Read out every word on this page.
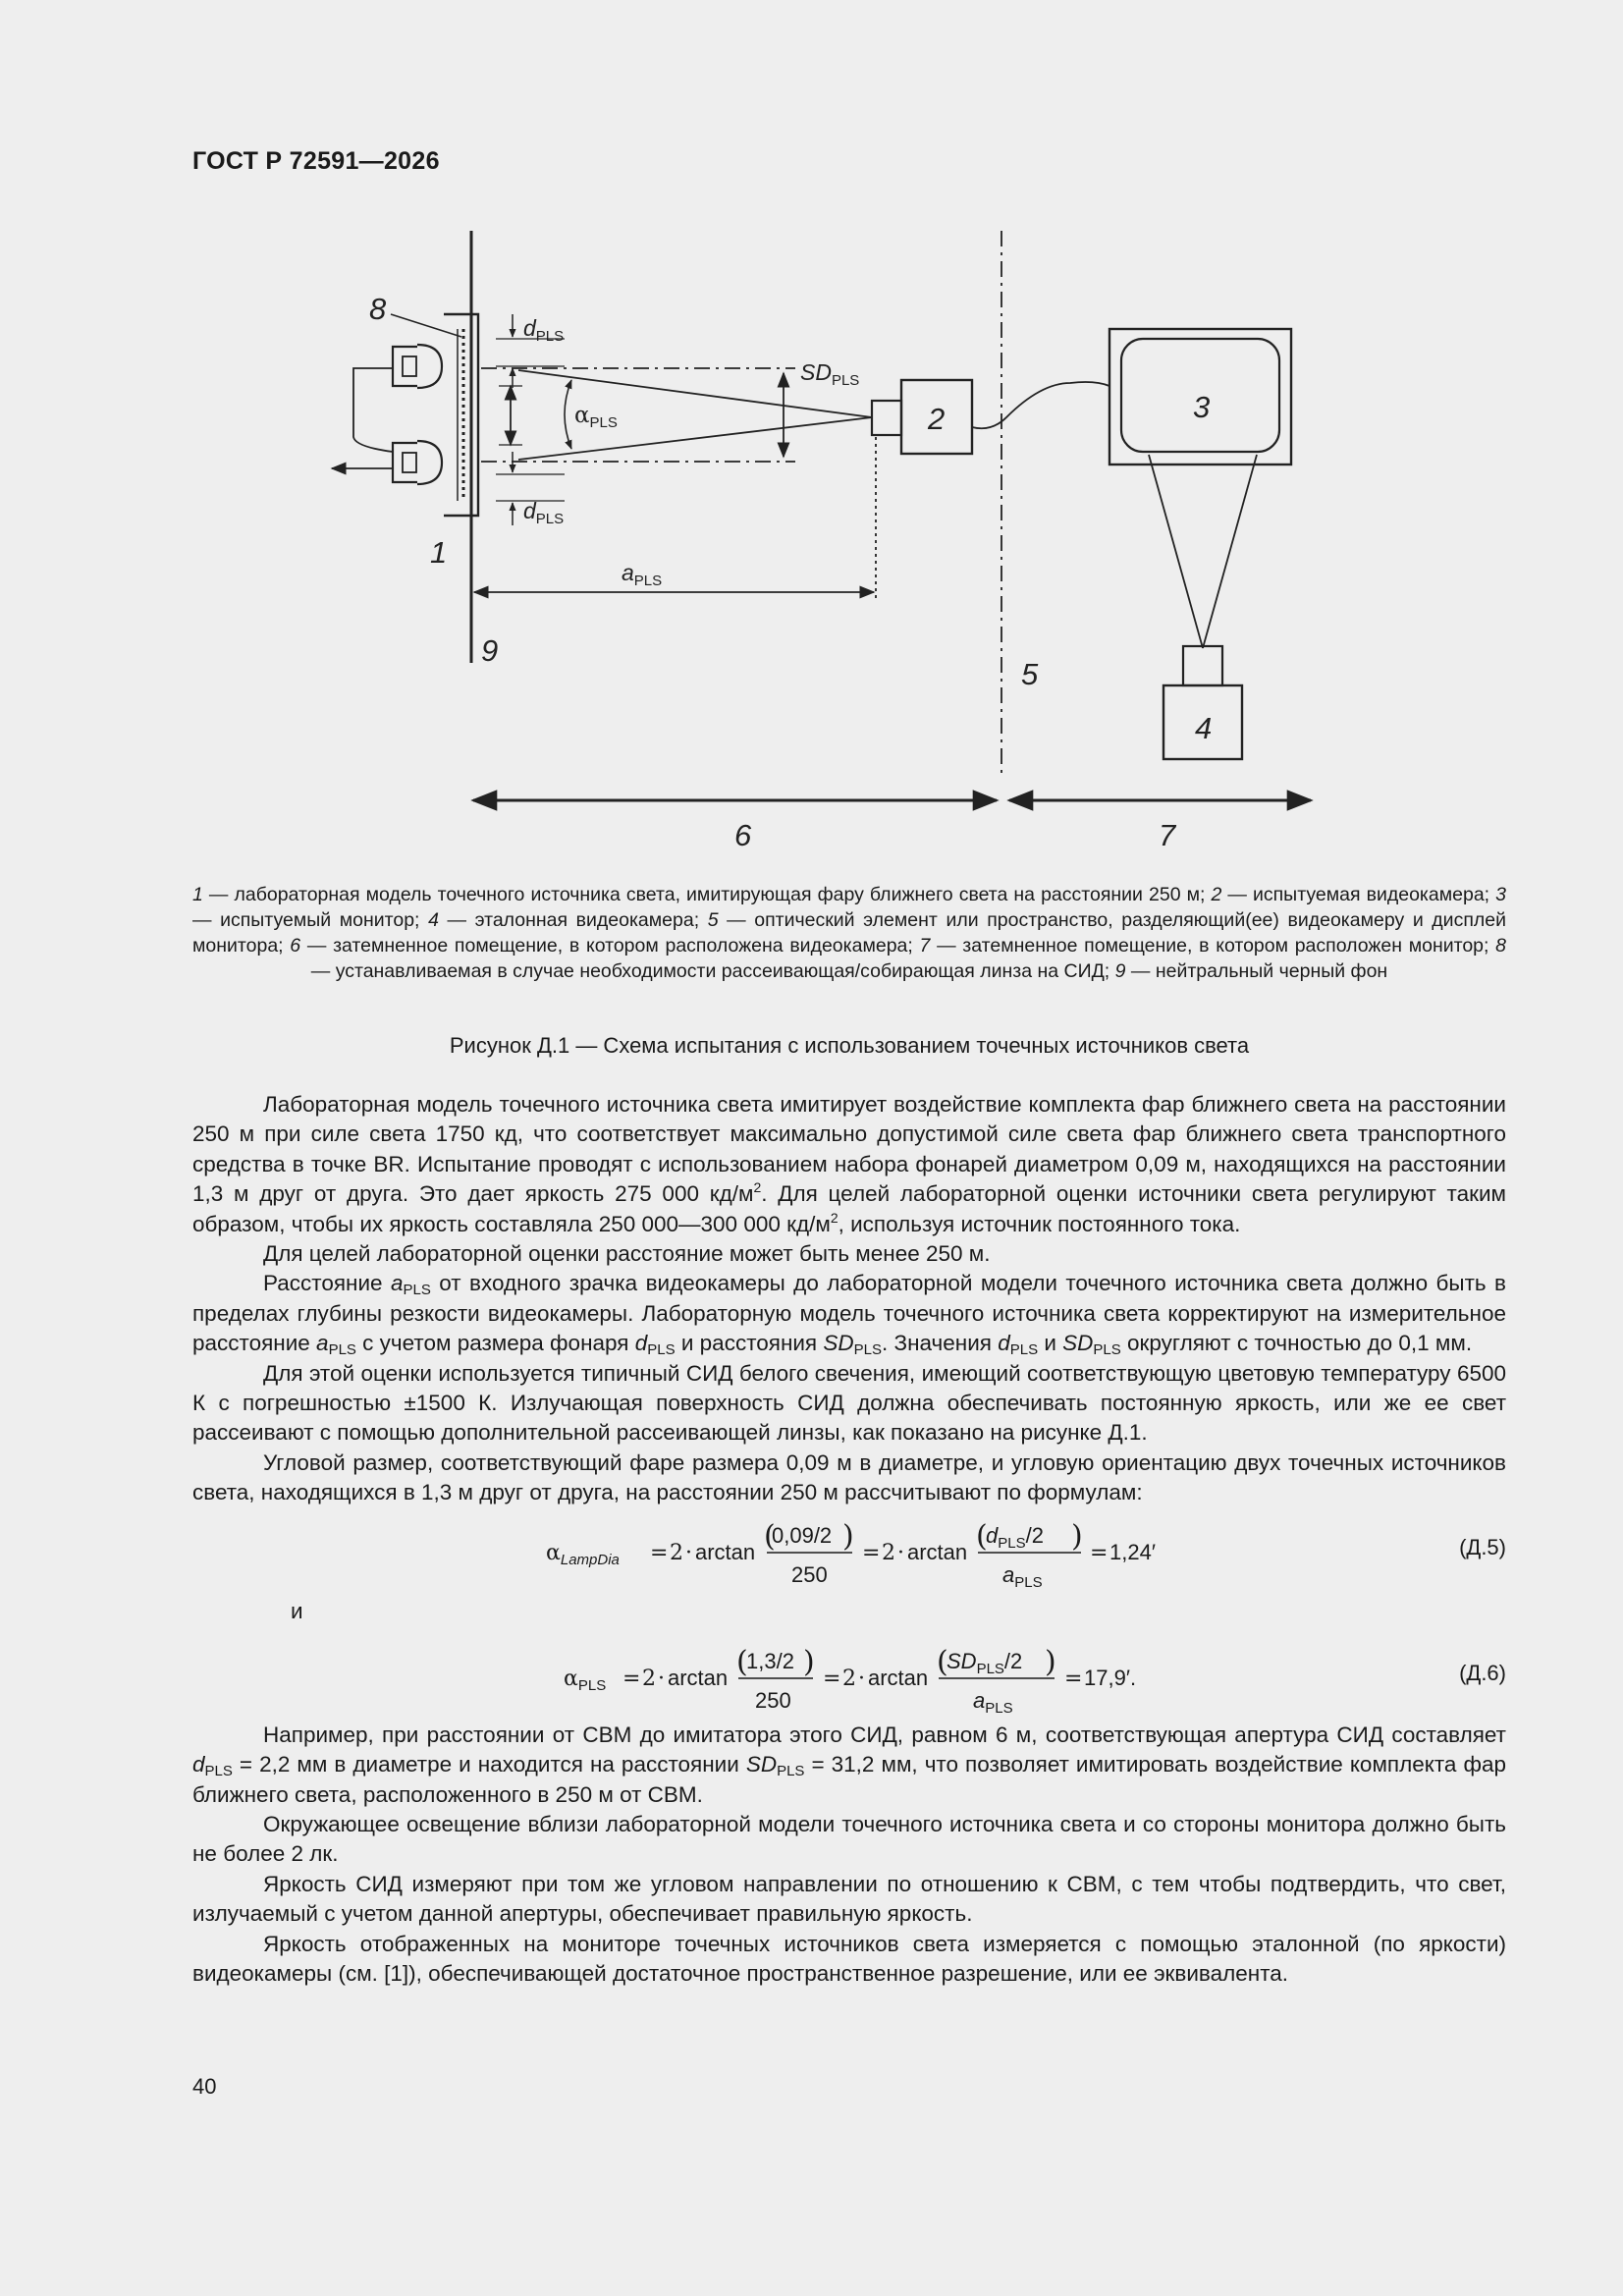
ГОСТ Р 72591—2026
1
2	3
4
5
6	7
8
9
$d_{PLS}$
$d_{PLS}$
$SD_{PLS}$
$\alpha_{PLS}$
$a_{PLS}$
1 — лабораторная модель точечного источника света, имитирующая фару ближнего света на расстоянии 250 м; 2 — испытуемая видеокамера; 3 — испытуемый монитор; 4 — эталонная видеокамера; 5 — оптический элемент или пространство, разделяющий(ее) видеокамеру и дисплей монитора; 6 — затемненное помещение, в котором расположена видеокамера; 7 — затемненное помещение, в котором расположен монитор; 8 — устанавливаемая в случае необходимости рассеивающая/собирающая линза на СИД; 9 — нейтральный черный фон
Рисунок Д.1 — Схема испытания с использованием точечных источников света

Лабораторная модель точечного источника света имитирует воздействие комплекта фар ближнего света на расстоянии 250 м при силе света 1750 кд, что соответствует максимально допустимой силе света фар ближнего света транспортного средства в точке BR. Испытание проводят с использованием набора фонарей диаметром 0,09 м, находящихся на расстоянии 1,3 м друг от друга. Это дает яркость 275 000 $кд/м^2$. Для целей лабораторной оценки источники света регулируют таким образом, чтобы их яркость составляла 250 000—300 000 $кд/м^2$, используя источник постоянного тока.

Для целей лабораторной оценки расстояние может быть менее 250 м.

Расстояние $a_{PLS}$ от входного зрачка видеокамеры до лабораторной модели точечного источника света должно быть в пределах глубины резкости видеокамеры. Лабораторную модель точечного источника света корректируют на измерительное расстояние $a_{PLS}$ с учетом размера фонаря $d_{PLS}$ и расстояния $SD_{PLS}$. Значения $d_{PLS}$ и $SD_{PLS}$ округляют с точностью до 0,1 мм.

Для этой оценки используется типичный СИД белого свечения, имеющий соответствующую цветовую температуру 6500 К с погрешностью ±1500 К. Излучающая поверхность СИД должна обеспечивать постоянную яркость, или же ее свет рассеивают с помощью дополнительной рассеивающей линзы, как показано на рисунке Д.1.

Угловой размер, соответствующий фаре размера 0,09 м в диаметре, и угловую ориентацию двух точечных источников света, находящихся в 1,3 м друг от друга, на расстоянии 250 м рассчитывают по формулам:

$\alpha_{LampDia} = 2 \cdot \arctan$ (
0,09/2 )
250
= 2 · arctan (
$d_{PLS}/2$ )
$a_{PLS}$
= 1,24′	(Д.5)
и
$\alpha_{PLS} = 2 \cdot \arctan$ (
1,3/2 )
250
= 2 · arctan (
$SD_{PLS}/2$ )
$a_{PLS}$
= 17,9′.	(Д.6)

Например, при расстоянии от СВМ до имитатора этого СИД, равном 6 м, соответствующая апертура СИД составляет $d_{PLS} = 2,2$ мм в диаметре и находится на расстоянии $SD_{PLS} = 31,2$ мм, что позволяет имитировать воздействие комплекта фар ближнего света, расположенного в 250 м от СВМ.

Окружающее освещение вблизи лабораторной модели точечного источника света и со стороны монитора должно быть не более 2 лк.

Яркость СИД измеряют при том же угловом направлении по отношению к СВМ, с тем чтобы подтвердить, что свет, излучаемый с учетом данной апертуры, обеспечивает правильную яркость.

Яркость отображенных на мониторе точечных источников света измеряется с помощью эталонной (по яркости) видеокамеры (см. [1]), обеспечивающей достаточное пространственное разрешение, или ее эквивалента.

40
